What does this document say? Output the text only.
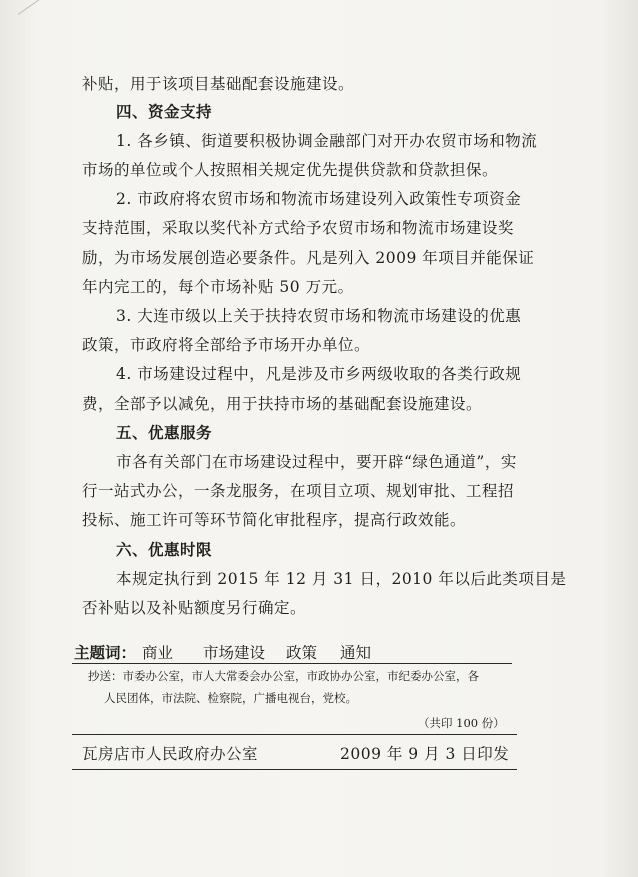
补贴，用于该项目基础配套设施建设。
四、资金支持
1. 各乡镇、街道要积极协调金融部门对开办农贸市场和物流
市场的单位或个人按照相关规定优先提供贷款和贷款担保。
2. 市政府将农贸市场和物流市场建设列入政策性专项资金
支持范围，采取以奖代补方式给予农贸市场和物流市场建设奖
励，为市场发展创造必要条件。凡是列入 2009 年项目并能保证
年内完工的，每个市场补贴 50 万元。
3. 大连市级以上关于扶持农贸市场和物流市场建设的优惠
政策，市政府将全部给予市场开办单位。
4. 市场建设过程中，凡是涉及市乡两级收取的各类行政规
费，全部予以减免，用于扶持市场的基础配套设施建设。
五、优惠服务
市各有关部门在市场建设过程中，要开辟“绿色通道”，实
行一站式办公，一条龙服务，在项目立项、规划审批、工程招
投标、施工许可等环节简化审批程序，提高行政效能。
六、优惠时限
本规定执行到 2015 年 12 月 31 日，2010 年以后此类项目是
否补贴以及补贴额度另行确定。
主题词： 商业 市场建设 政策 通知
抄送：市委办公室，市人大常委会办公室，市政协办公室，市纪委办公室，各
人民团体，市法院、检察院，广播电视台，党校。
（共印 100 份）
瓦房店市人民政府办公室	2009 年 9 月 3 日印发
